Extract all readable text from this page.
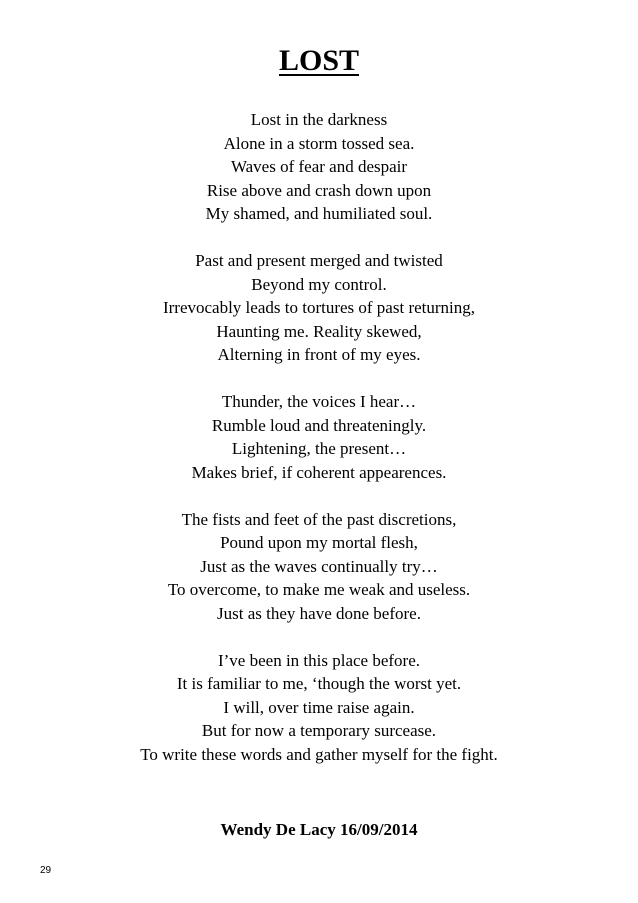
LOST
Lost in the darkness
Alone in a storm tossed sea.
Waves of fear and despair
Rise above and crash down upon
My shamed, and humiliated soul.
Past and present merged and twisted
Beyond my control.
Irrevocably leads to tortures of past returning,
Haunting me. Reality skewed,
Alterning in front of my eyes.
Thunder, the voices I hear…
Rumble loud and threateningly.
Lightening, the present…
Makes brief, if coherent appearences.
The fists and feet of the past discretions,
Pound upon my mortal flesh,
Just as the waves continually try…
To overcome, to make me weak and useless.
Just as they have done before.
I’ve been in this place before.
It is familiar to me, ‘though the worst yet.
I will, over time raise again.
But for now a temporary surcease.
To write these words and gather myself for the fight.

Wendy De Lacy 16/09/2014

29
